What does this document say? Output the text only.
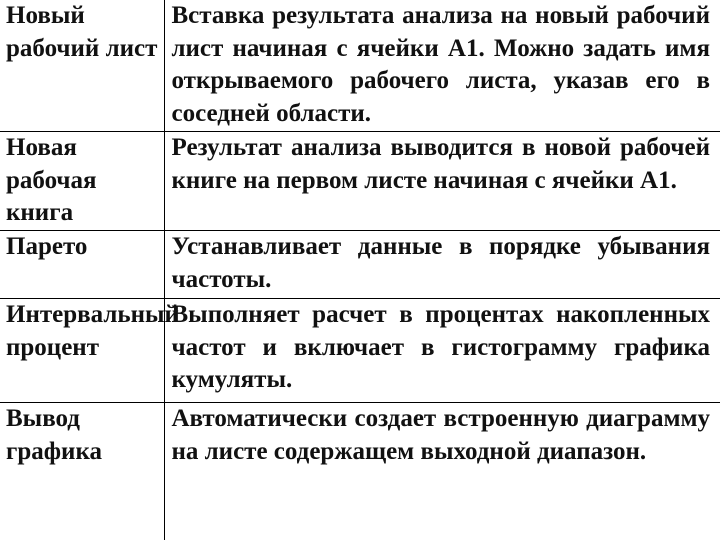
Новый рабочий лист	Вставка результата анализа на новый рабочий лист начиная с ячейки А1. Можно задать имя открываемого рабочего листа, указав его в соседней области.
Новая рабочая книга	Результат анализа выводится в новой рабочей книге на первом листе начиная с ячейки А1.
Парето	Устанавливает данные в порядке убывания частоты.
Интервальный процент	Выполняет расчет в процентах накопленных частот и включает в гистограмму графика кумуляты.
Вывод графика	Автоматически создает встроенную диаграмму на листе содержащем выходной диапазон.
